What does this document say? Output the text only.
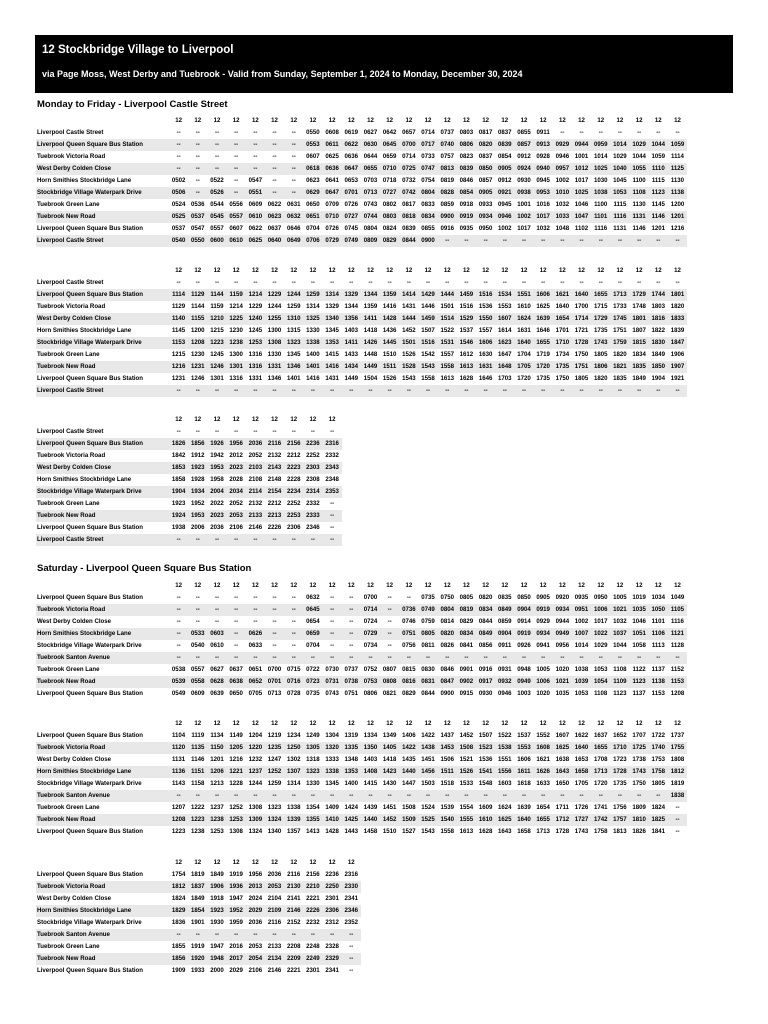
12 Stockbridge Village to Liverpool
via Page Moss, West Derby and Tuebrook - Valid from Sunday, September 1, 2024 to Monday, December 30, 2024
Monday to Friday - Liverpool Castle Street
	12	12	12	12	12	12	12	12	12	12	12	12	12	12	12	12	12	12	12	12	12	12	12	12	12	12	12
Liverpool Castle Street	--	--	--	--	--	--	--	0550	0608	0619	0627	0642	0657	0714	0737	0803	0817	0837	0855	0911	--	--	--	--	--	--	--
Liverpool Queen Square Bus Station	--	--	--	--	--	--	--	0553	0611	0622	0630	0645	0700	0717	0740	0806	0820	0839	0857	0913	0929	0944	0959	1014	1029	1044	1059
Tuebrook Victoria Road	--	--	--	--	--	--	--	0607	0625	0636	0644	0659	0714	0733	0757	0823	0837	0854	0912	0928	0946	1001	1014	1029	1044	1059	1114
West Derby Colden Close	--	--	--	--	--	--	--	0618	0636	0647	0655	0710	0725	0747	0813	0839	0850	0905	0924	0940	0957	1012	1025	1040	1055	1110	1125
Horn Smithies Stockbridge Lane	0502	--	0522	--	0547	--	--	0623	0641	0653	0703	0718	0732	0754	0819	0846	0857	0912	0930	0945	1002	1017	1030	1045	1100	1115	1130
Stockbridge Village Waterpark Drive	0506	--	0526	--	0551	--	--	0629	0647	0701	0713	0727	0742	0804	0828	0854	0905	0921	0938	0953	1010	1025	1038	1053	1108	1123	1138
Tuebrook Green Lane	0524	0536	0544	0556	0609	0622	0631	0650	0709	0726	0743	0802	0817	0833	0859	0918	0933	0945	1001	1016	1032	1046	1100	1115	1130	1145	1200
Tuebrook New Road	0525	0537	0545	0557	0610	0623	0632	0651	0710	0727	0744	0803	0818	0834	0900	0919	0934	0946	1002	1017	1033	1047	1101	1116	1131	1146	1201
Liverpool Queen Square Bus Station	0537	0547	0557	0607	0622	0637	0646	0704	0726	0745	0804	0824	0839	0855	0916	0935	0950	1002	1017	1032	1048	1102	1116	1131	1146	1201	1216
Liverpool Castle Street	0540	0550	0600	0610	0625	0640	0649	0706	0729	0749	0809	0829	0844	0900	--	--	--	--	--	--	--	--	--	--	--	--	--
	12	12	12	12	12	12	12	12	12	12	12	12	12	12	12	12	12	12	12	12	12	12	12	12	12	12	12
Liverpool Castle Street	--	--	--	--	--	--	--	--	--	--	--	--	--	--	--	--	--	--	--	--	--	--	--	--	--	--	--
Liverpool Queen Square Bus Station	1114	1129	1144	1159	1214	1229	1244	1259	1314	1329	1344	1359	1414	1429	1444	1459	1516	1534	1551	1606	1621	1640	1655	1713	1729	1744	1801
Tuebrook Victoria Road	1129	1144	1159	1214	1229	1244	1259	1314	1329	1344	1359	1416	1431	1446	1501	1516	1536	1553	1610	1625	1640	1700	1715	1733	1748	1803	1820
West Derby Colden Close	1140	1155	1210	1225	1240	1255	1310	1325	1340	1356	1411	1428	1444	1459	1514	1529	1550	1607	1624	1639	1654	1714	1729	1745	1801	1816	1833
Horn Smithies Stockbridge Lane	1145	1200	1215	1230	1245	1300	1315	1330	1345	1403	1418	1436	1452	1507	1522	1537	1557	1614	1631	1646	1701	1721	1735	1751	1807	1822	1839
Stockbridge Village Waterpark Drive	1153	1208	1223	1238	1253	1308	1323	1338	1353	1411	1426	1445	1501	1516	1531	1546	1606	1623	1640	1655	1710	1728	1743	1759	1815	1830	1847
Tuebrook Green Lane	1215	1230	1245	1300	1316	1330	1345	1400	1415	1433	1448	1510	1526	1542	1557	1612	1630	1647	1704	1719	1734	1750	1805	1820	1834	1849	1906
Tuebrook New Road	1216	1231	1246	1301	1316	1331	1346	1401	1416	1434	1449	1511	1528	1543	1558	1613	1631	1648	1705	1720	1735	1751	1806	1821	1835	1850	1907
Liverpool Queen Square Bus Station	1231	1246	1301	1316	1331	1346	1401	1416	1431	1449	1504	1526	1543	1558	1613	1628	1646	1703	1720	1735	1750	1805	1820	1835	1849	1904	1921
Liverpool Castle Street	--	--	--	--	--	--	--	--	--	--	--	--	--	--	--	--	--	--	--	--	--	--	--	--	--	--	--
	12	12	12	12	12	12	12	12	12
Liverpool Castle Street	--	--	--	--	--	--	--	--	--
Liverpool Queen Square Bus Station	1826	1856	1926	1956	2036	2116	2156	2236	2316
Tuebrook Victoria Road	1842	1912	1942	2012	2052	2132	2212	2252	2332
West Derby Colden Close	1853	1923	1953	2023	2103	2143	2223	2303	2343
Horn Smithies Stockbridge Lane	1858	1928	1958	2028	2108	2148	2228	2308	2348
Stockbridge Village Waterpark Drive	1904	1934	2004	2034	2114	2154	2234	2314	2353
Tuebrook Green Lane	1923	1952	2022	2052	2132	2212	2252	2332	--
Tuebrook New Road	1924	1953	2023	2053	2133	2213	2253	2333	--
Liverpool Queen Square Bus Station	1938	2006	2036	2106	2146	2226	2306	2346	--
Liverpool Castle Street	--	--	--	--	--	--	--	--	--
Saturday - Liverpool Queen Square Bus Station
	12	12	12	12	12	12	12	12	12	12	12	12	12	12	12	12	12	12	12	12	12	12	12	12	12	12	12
Liverpool Queen Square Bus Station	--	--	--	--	--	--	--	0632	--	--	0700	--	--	0735	0750	0805	0820	0835	0850	0905	0920	0935	0950	1005	1019	1034	1049
Tuebrook Victoria Road	--	--	--	--	--	--	--	0645	--	--	0714	--	0736	0749	0804	0819	0834	0849	0904	0919	0934	0951	1006	1021	1035	1050	1105
West Derby Colden Close	--	--	--	--	--	--	--	0654	--	--	0724	--	0746	0759	0814	0829	0844	0859	0914	0929	0944	1002	1017	1032	1046	1101	1116
Horn Smithies Stockbridge Lane	--	0533	0603	--	0626	--	--	0659	--	--	0729	--	0751	0805	0820	0834	0849	0904	0919	0934	0949	1007	1022	1037	1051	1106	1121
Stockbridge Village Waterpark Drive	--	0540	0610	--	0633	--	--	0704	--	--	0734	--	0756	0811	0826	0841	0856	0911	0926	0941	0956	1014	1029	1044	1058	1113	1128
Tuebrook Santon Avenue	--	--	--	--	--	--	--	--	--	--	--	--	--	--	--	--	--	--	--	--	--	--	--	--	--	--	--
Tuebrook Green Lane	0538	0557	0627	0637	0651	0700	0715	0722	0730	0737	0752	0807	0815	0830	0846	0901	0916	0931	0948	1005	1020	1038	1053	1108	1122	1137	1152
Tuebrook New Road	0539	0558	0628	0638	0652	0701	0716	0723	0731	0738	0753	0808	0816	0831	0847	0902	0917	0932	0949	1006	1021	1039	1054	1109	1123	1138	1153
Liverpool Queen Square Bus Station	0549	0609	0639	0650	0705	0713	0728	0735	0743	0751	0806	0821	0829	0844	0900	0915	0930	0946	1003	1020	1035	1053	1108	1123	1137	1153	1208
	12	12	12	12	12	12	12	12	12	12	12	12	12	12	12	12	12	12	12	12	12	12	12	12	12	12	12
Liverpool Queen Square Bus Station	1104	1119	1134	1149	1204	1219	1234	1249	1304	1319	1334	1349	1406	1422	1437	1452	1507	1522	1537	1552	1607	1622	1637	1652	1707	1722	1737
Tuebrook Victoria Road	1120	1135	1150	1205	1220	1235	1250	1305	1320	1335	1350	1405	1422	1438	1453	1508	1523	1538	1553	1608	1625	1640	1655	1710	1725	1740	1755
West Derby Colden Close	1131	1146	1201	1216	1232	1247	1302	1318	1333	1348	1403	1418	1435	1451	1506	1521	1536	1551	1606	1621	1638	1653	1708	1723	1738	1753	1808
Horn Smithies Stockbridge Lane	1136	1151	1206	1221	1237	1252	1307	1323	1338	1353	1408	1423	1440	1456	1511	1526	1541	1556	1611	1626	1643	1658	1713	1728	1743	1758	1812
Stockbridge Village Waterpark Drive	1143	1158	1213	1228	1244	1259	1314	1330	1345	1400	1415	1430	1447	1503	1518	1533	1548	1603	1618	1633	1650	1705	1720	1735	1750	1805	1819
Tuebrook Santon Avenue	--	--	--	--	--	--	--	--	--	--	--	--	--	--	--	--	--	--	--	--	--	--	--	--	--	--	1838
Tuebrook Green Lane	1207	1222	1237	1252	1308	1323	1338	1354	1409	1424	1439	1451	1508	1524	1539	1554	1609	1624	1639	1654	1711	1726	1741	1756	1809	1824	--
Tuebrook New Road	1208	1223	1238	1253	1309	1324	1339	1355	1410	1425	1440	1452	1509	1525	1540	1555	1610	1625	1640	1655	1712	1727	1742	1757	1810	1825	--
Liverpool Queen Square Bus Station	1223	1238	1253	1308	1324	1340	1357	1413	1428	1443	1458	1510	1527	1543	1558	1613	1628	1643	1658	1713	1728	1743	1758	1813	1826	1841	--
	12	12	12	12	12	12	12	12	12	12
Liverpool Queen Square Bus Station	1754	1819	1849	1919	1956	2036	2116	2156	2236	2316
Tuebrook Victoria Road	1812	1837	1906	1936	2013	2053	2130	2210	2250	2330
West Derby Colden Close	1824	1849	1918	1947	2024	2104	2141	2221	2301	2341
Horn Smithies Stockbridge Lane	1829	1854	1923	1952	2029	2109	2146	2226	2306	2346
Stockbridge Village Waterpark Drive	1836	1901	1930	1959	2036	2116	2152	2232	2312	2352
Tuebrook Santon Avenue	--	--	--	--	--	--	--	--	--	--
Tuebrook Green Lane	1855	1919	1947	2016	2053	2133	2208	2248	2328	--
Tuebrook New Road	1856	1920	1948	2017	2054	2134	2209	2249	2329	--
Liverpool Queen Square Bus Station	1909	1933	2000	2029	2106	2146	2221	2301	2341	--
